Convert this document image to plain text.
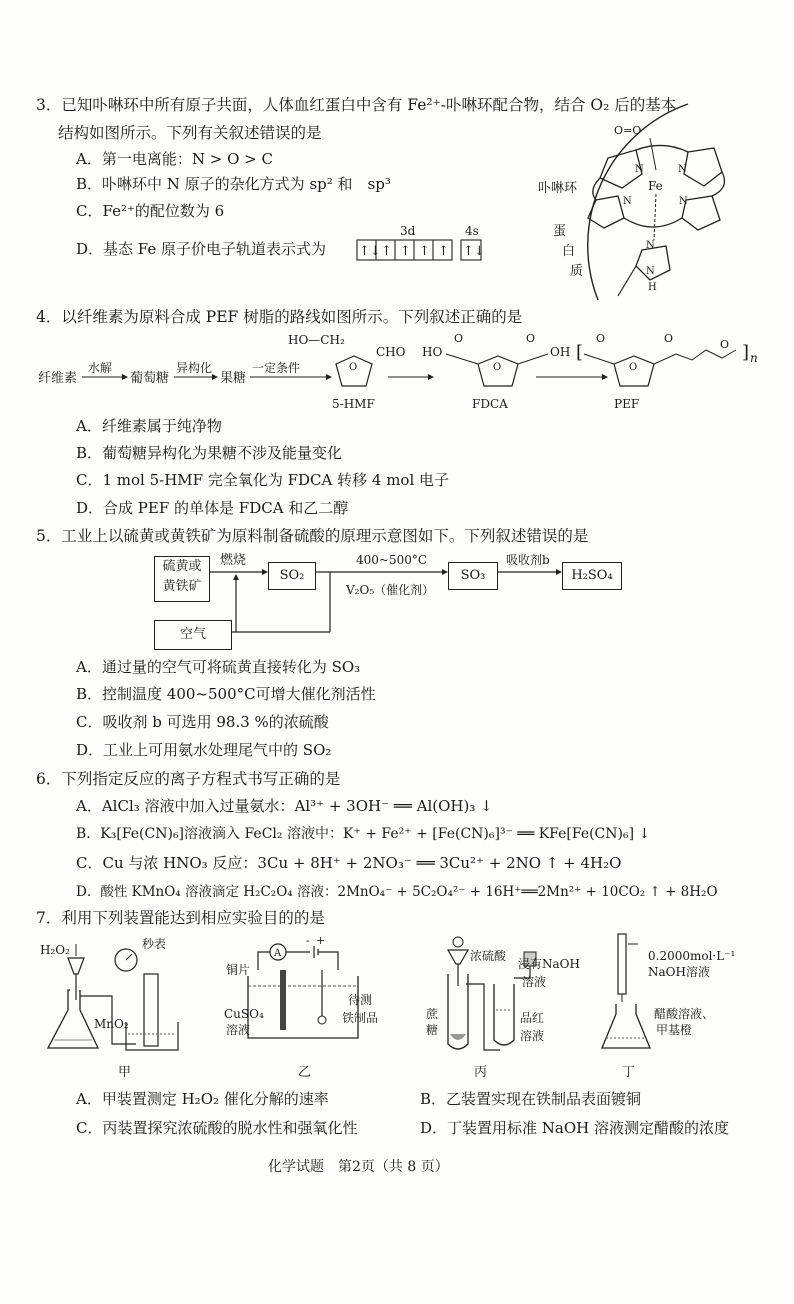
3．已知卟啉环中所有原子共面，人体血红蛋白中含有 Fe²⁺-卟啉环配合物，结合 O₂ 后的基本
结构如图所示。下列有关叙述错误的是
A．第一电离能：N > O > C
B．卟啉环中 N 原子的杂化方式为 sp² 和　sp³
C．Fe²⁺的配位数为 6
D．基态 Fe 原子价电子轨道表示式为
3d	4s
↑↓ ↑ ↑ ↑ ↑ ↑↓
O=O
N	N
N	N
Fe
卟啉环
N
N
H
蛋
白
质
4．以纤维素为原料合成 PEF 树脂的路线如图所示。下列叙述正确的是
纤维素
水解
葡萄糖
异构化
果糖
一定条件
HO—CH₂
CHO
O
5-HMF
HO	OH
O
O	O
FDCA
[	]
O	O
O
O
n
PEF
A．纤维素属于纯净物
B．葡萄糖异构化为果糖不涉及能量变化
C．1 mol 5-HMF 完全氧化为 FDCA 转移 4 mol 电子
D．合成 PEF 的单体是 FDCA 和乙二醇
5．工业上以硫黄或黄铁矿为原料制备硫酸的原理示意图如下。下列叙述错误的是
燃烧	400~500°C
V₂O₅（催化剂）
吸收剂b
硫黄或
黄铁矿
SO₂	SO₃	H₂SO₄
空气
A．通过量的空气可将硫黄直接转化为 SO₃
B．控制温度 400~500°C可增大催化剂活性
C．吸收剂 b 可选用 98.3 %的浓硫酸
D．工业上可用氨水处理尾气中的 SO₂
6．下列指定反应的离子方程式书写正确的是
A．AlCl₃ 溶液中加入过量氨水：Al³⁺ + 3OH⁻ ══ Al(OH)₃ ↓
B．K₃[Fe(CN)₆]溶液滴入 FeCl₂ 溶液中：K⁺ + Fe²⁺ + [Fe(CN)₆]³⁻ ══ KFe[Fe(CN)₆] ↓
C．Cu 与浓 HNO₃ 反应：3Cu + 8H⁺ + 2NO₃⁻ ══ 3Cu²⁺ + 2NO ↑ + 4H₂O
D．酸性 KMnO₄ 溶液滴定 H₂C₂O₄ 溶液：2MnO₄⁻ + 5C₂O₄²⁻ + 16H⁺══2Mn²⁺ + 10CO₂ ↑ + 8H₂O
7．利用下列装置能达到相应实验目的的是
H₂O₂	秒表
MnO₂
甲
A
+
-
铜片
CuSO₄
溶液
待测
铁制品
乙
浓硫酸
浸有NaOH
溶液
蔗
糖
品红
溶液
丙
0.2000mol·L⁻¹
NaOH溶液
醋酸溶液、
甲基橙
丁
A．甲装置测定 H₂O₂ 催化分解的速率	B．乙装置实现在铁制品表面镀铜
C．丙装置探究浓硫酸的脱水性和强氧化性	D．丁装置用标准 NaOH 溶液测定醋酸的浓度
化学试题　第2页（共 8 页）
